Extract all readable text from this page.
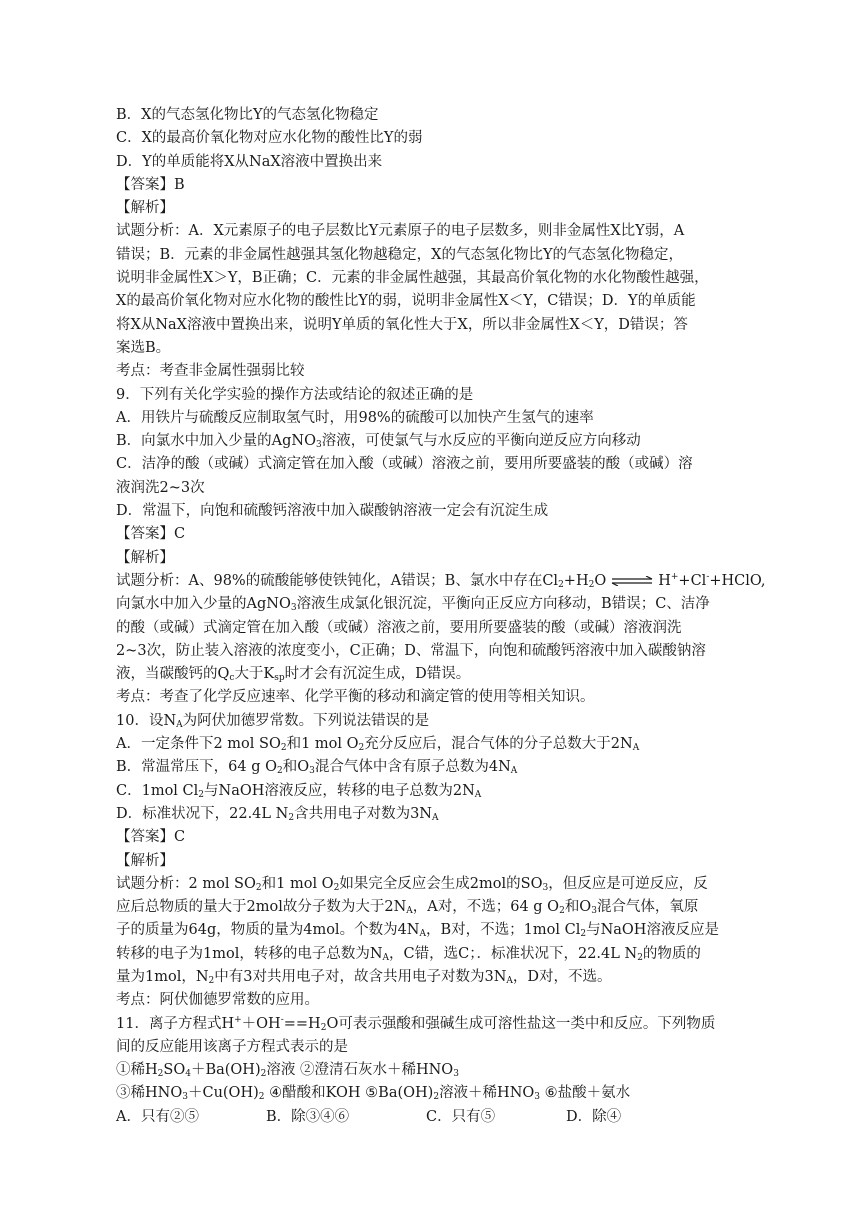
B．X的气态氢化物比Y的气态氢化物稳定
C．X的最高价氧化物对应水化物的酸性比Y的弱
D．Y的单质能将X从NaX溶液中置换出来
【答案】B
【解析】
试题分析：A．X元素原子的电子层数比Y元素原子的电子层数多，则非金属性X比Y弱，A
错误；B．元素的非金属性越强其氢化物越稳定，X的气态氢化物比Y的气态氢化物稳定，
说明非金属性X＞Y，B正确；C．元素的非金属性越强，其最高价氧化物的水化物酸性越强，
X的最高价氧化物对应水化物的酸性比Y的弱，说明非金属性X＜Y，C错误；D．Y的单质能
将X从NaX溶液中置换出来，说明Y单质的氧化性大于X，所以非金属性X＜Y，D错误；答
案选B。
考点：考查非金属性强弱比较
9．下列有关化学实验的操作方法或结论的叙述正确的是
A．用铁片与硫酸反应制取氢气时，用98%的硫酸可以加快产生氢气的速率
B．向氯水中加入少量的AgNO$_3$溶液，可使氯气与水反应的平衡向逆反应方向移动
C．洁净的酸（或碱）式滴定管在加入酸（或碱）溶液之前，要用所要盛装的酸（或碱）溶
液润洗2~3次
D．常温下，向饱和硫酸钙溶液中加入碳酸钠溶液一定会有沉淀生成
【答案】C
【解析】
试题分析：A、98%的硫酸能够使铁钝化，A错误；B、氯水中存在$Cl_2+H_2O$ ⇌ H++Cl-+HClO,
向氯水中加入少量的AgNO$_3$溶液生成氯化银沉淀，平衡向正反应方向移动，B错误；C、洁净
的酸（或碱）式滴定管在加入酸（或碱）溶液之前，要用所要盛装的酸（或碱）溶液润洗
2~3次，防止装入溶液的浓度变小，C正确；D、常温下，向饱和硫酸钙溶液中加入碳酸钠溶
液，当碳酸钙的$Q_c$大于$K_{sp}$时才会有沉淀生成，D错误。
考点：考查了化学反应速率、化学平衡的移动和滴定管的使用等相关知识。
10．设$N_A$为阿伏加德罗常数。下列说法错误的是
A．一定条件下2 mol $SO_2$和1 mol $O_2$充分反应后，混合气体的分子总数大于$2N_A$
B．常温常压下，64 g $O_2$和$O_3$混合气体中含有原子总数为$4N_A$
C．1mol $Cl_2$与NaOH溶液反应，转移的电子总数为$2N_A$
D．标准状况下，22.4L $N_2$含共用电子对数为$3N_A$
【答案】C
【解析】
试题分析：2 mol $SO_2$和1 mol $O_2$如果完全反应会生成2mol的$SO_3$，但反应是可逆反应，反
应后总物质的量大于2mol故分子数为大于$2N_A$，A对，不选；64 g $O_2$和$O_3$混合气体，氧原
子的质量为64g，物质的量为4mol。个数为$4N_A$，B对，不选；1mol $Cl_2$与NaOH溶液反应是
转移的电子为1mol，转移的电子总数为$N_A$，C错，选C；．标准状况下，22.4L $N_2$的物质的
量为1mol，$N_2$中有3对共用电子对，故含共用电子对数为$3N_A$，D对，不选。
考点：阿伏伽德罗常数的应用。
11．离子方程式$H^++OH^-==H_2O$可表示强酸和强碱生成可溶性盐这一类中和反应。下列物质
间的反应能用该离子方程式表示的是
①稀$H_2SO_4+Ba(OH)_2$溶液 ②澄清石灰水＋稀$HNO_3$
③稀$HNO_3+Cu(OH)_2$ ④醋酸和KOH $⑤Ba(OH)_2$溶液＋稀$HNO_3$ ⑥盐酸＋氨水
A．只有②⑤	B．除③④⑥	C．只有⑤	D．除④
